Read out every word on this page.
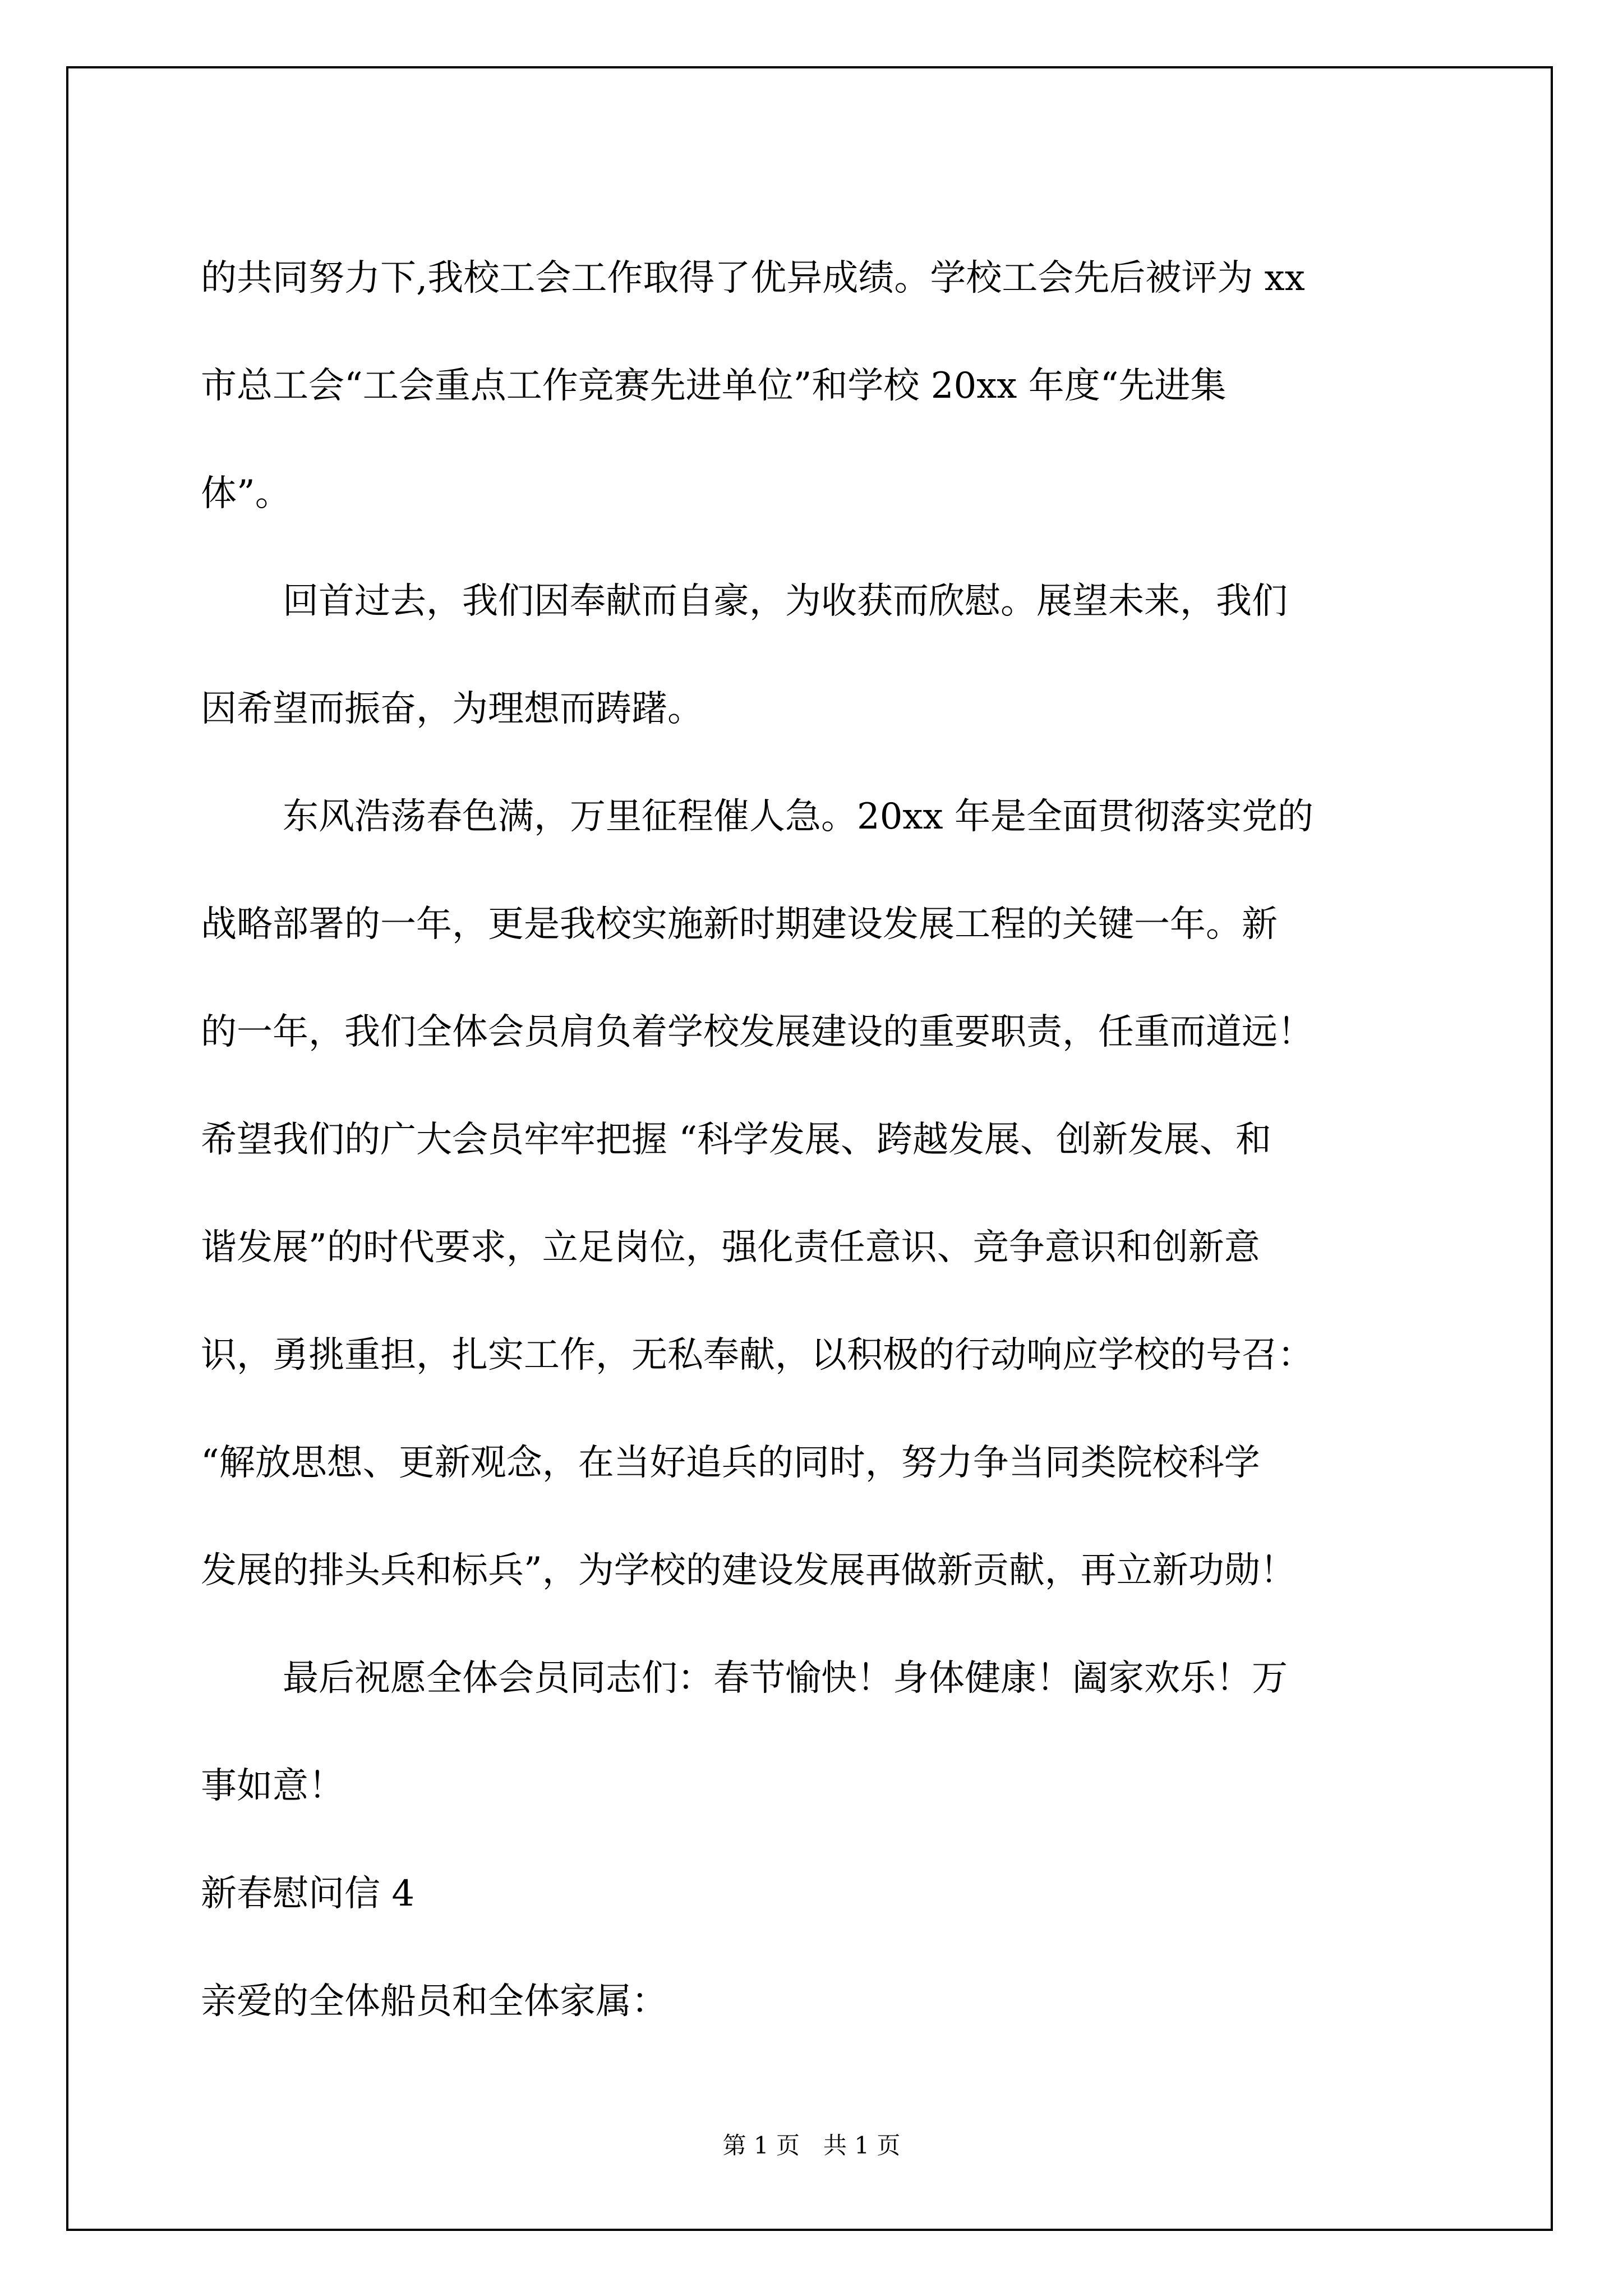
的共同努力下,我校工会工作取得了优异成绩。学校工会先后被评为 xx
市总工会“工会重点工作竞赛先进单位”和学校 20xx 年度“先进集
体”。
回首过去，我们因奉献而自豪，为收获而欣慰。展望未来，我们
因希望而振奋，为理想而踌躇。
东风浩荡春色满，万里征程催人急。20xx 年是全面贯彻落实党的
战略部署的一年，更是我校实施新时期建设发展工程的关键一年。新
的一年，我们全体会员肩负着学校发展建设的重要职责，任重而道远！
希望我们的广大会员牢牢把握 “科学发展、跨越发展、创新发展、和
谐发展”的时代要求，立足岗位，强化责任意识、竞争意识和创新意
识，勇挑重担，扎实工作，无私奉献，以积极的行动响应学校的号召：
“解放思想、更新观念，在当好追兵的同时，努力争当同类院校科学
发展的排头兵和标兵”，为学校的建设发展再做新贡献，再立新功勋！
最后祝愿全体会员同志们：春节愉快！身体健康！阖家欢乐！万
事如意！
新春慰问信 4
亲爱的全体船员和全体家属：
第 1 页　共 1 页
